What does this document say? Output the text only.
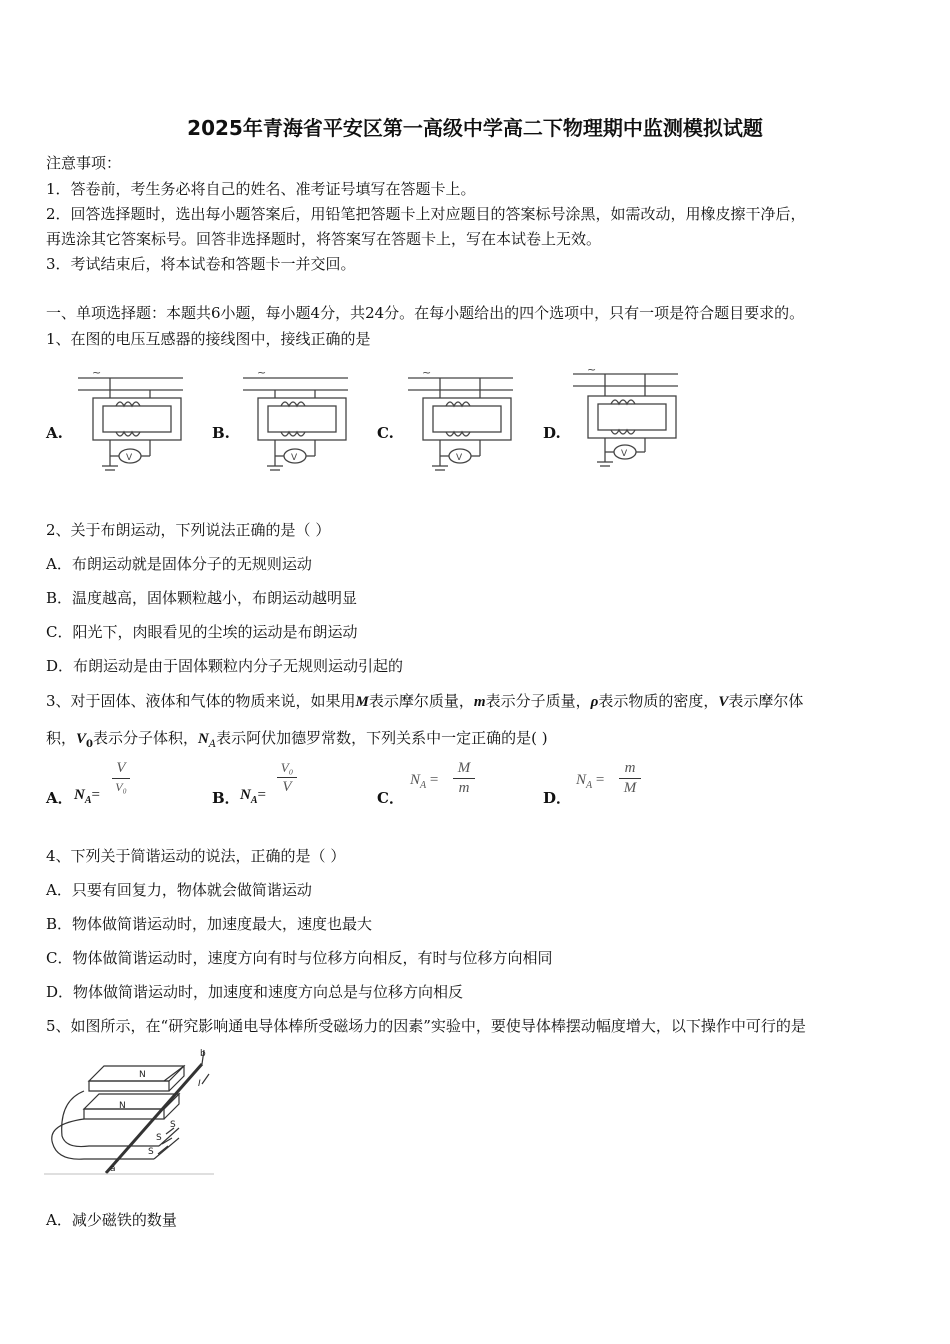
2025年青海省平安区第一高级中学高二下物理期中监测模拟试题
注意事项：
1．答卷前，考生务必将自己的姓名、准考证号填写在答题卡上。
2．回答选择题时，选出每小题答案后，用铅笔把答题卡上对应题目的答案标号涂黑，如需改动，用橡皮擦干净后，
再选涂其它答案标号。回答非选择题时，将答案写在答题卡上，写在本试卷上无效。
3．考试结束后，将本试卷和答题卡一并交回。
一、单项选择题：本题共6小题，每小题4分，共24分。在每小题给出的四个选项中，只有一项是符合题目要求的。
1、在图的电压互感器的接线图中，接线正确的是
A.	B.	C.	D.
~
V
~
V
~
V
~
V
2、关于布朗运动，下列说法正确的是（ ）
A．布朗运动就是固体分子的无规则运动
B．温度越高，固体颗粒越小，布朗运动越明显
C．阳光下，肉眼看见的尘埃的运动是布朗运动
D．布朗运动是由于固体颗粒内分子无规则运动引起的
3、对于固体、液体和气体的物质来说，如果用M表示摩尔质量，m表示分子质量，ρ表示物质的密度，V表示摩尔体
积，$V_0$表示分子体积，$N_A$表示阿伏加德罗常数，下列关系中一定正确的是( )
A． $N_A=$
V
V₀
B． $N_A=$
V₀
V
C．
$N_A$ =
M
m
D．
$N_A$ =
m
M
4、下列关于简谐运动的说法，正确的是（ ）
A．只要有回复力，物体就会做简谐运动
B．物体做简谐运动时，加速度最大，速度也最大
C．物体做简谐运动时，速度方向有时与位移方向相反，有时与位移方向相同
D．物体做简谐运动时，加速度和速度方向总是与位移方向相反
5、如图所示，在“研究影响通电导体棒所受磁场力的因素”实验中，要使导体棒摆动幅度增大，以下操作中可行的是
N
N
S
S
S
b
a
I
A．减少磁铁的数量
